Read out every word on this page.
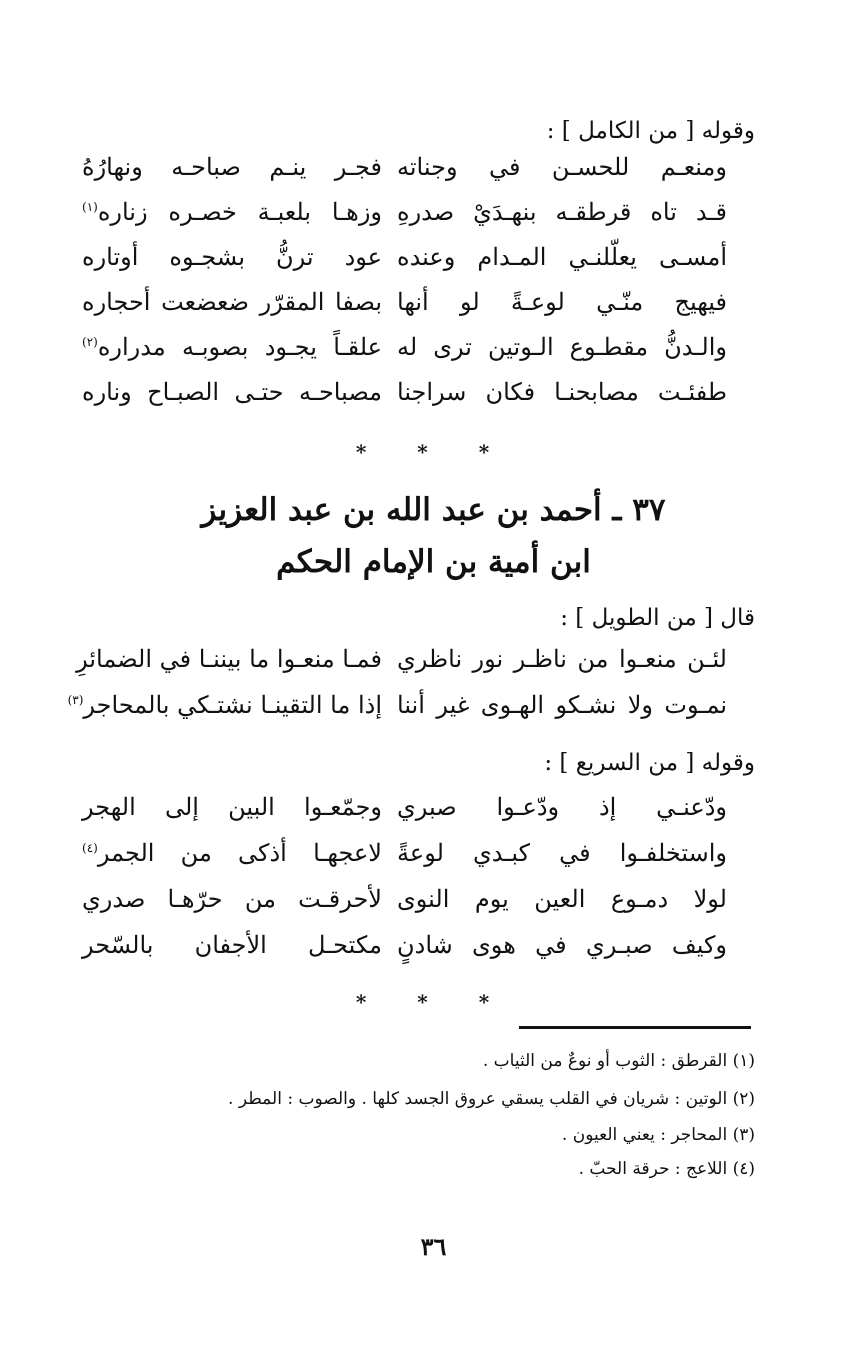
وقوله [ من الكامل ] :
ومنعـم للحسـن في وجناته
فجـر ينـم صباحـه ونهارُهُ
قـد تاه قرطقـه بنهـدَيْ صدرهِ
وزهـا بلعبـة خصـره زناره$^{(١)}$
أمسـى يعلّلنـي المـدام وعنده
عود ترنُّ بشجـوه أوتاره
فيهيج منّـي لوعـةً لو أنها
بصفا المقرّر ضعضعت أحجاره
والـدنُّ مقطـوع الـوتين ترى له
علقـاً يجـود بصوبـه مدراره$^{(٢)}$
طفئـت مصابحنـا فكان سراجنا
مصباحـه حتـى الصبـاح وناره
* * *
٣٧ ـ أحمد بن عبد الله بن عبد العزيز
ابن أمية بن الإمام الحكم
قال [ من الطويل ] :
لئـن منعـوا من ناظـر نور ناظري
فمـا منعـوا ما بيننـا في الضمائرِ
نمـوت ولا نشـكو الهـوى غير أننا
إذا ما التقينـا نشتـكي بالمحاجر$^{(٣)}$
وقوله [ من السريع ] :
ودّعنـي إذ ودّعـوا صبري
وجمّعـوا البين إلى الهجر
واستخلفـوا في كبـدي لوعةً
لاعجهـا أذكى من الجمر$^{(٤)}$
لولا دمـوع العين يوم النوى
لأحرقـت من حرّهـا صدري
وكيف صبـري في هوى شادنٍ
مكتحـل الأجفان بالسّحر
* * *
(١) القرطق : الثوب أو نوعٌ من الثياب .
(٢) الوتين : شريان في القلب يسقي عروق الجسد كلها . والصوب : المطر .
(٣) المحاجر : يعني العيون .
(٤) اللاعج : حرقة الحبّ .
٣٦
